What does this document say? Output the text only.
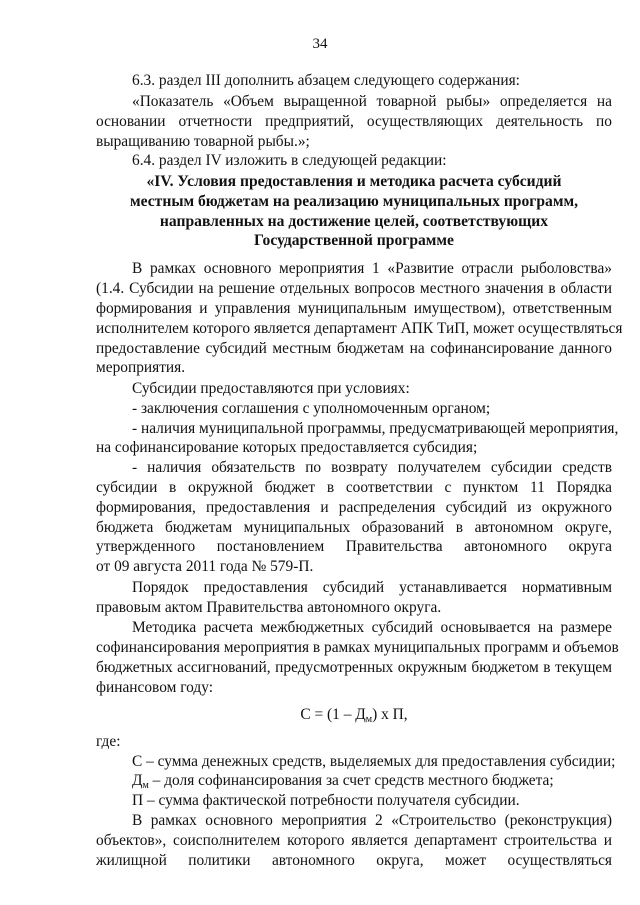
34
6.3. раздел III дополнить абзацем следующего содержания:
«Показатель «Объем выращенной товарной рыбы» определяется на
основании отчетности предприятий, осуществляющих деятельность по
выращиванию товарной рыбы.»;
6.4. раздел IV изложить в следующей редакции:
«IV. Условия предоставления и методика расчета субсидий
местным бюджетам на реализацию муниципальных программ,
направленных на достижение целей, соответствующих
Государственной программе
В рамках основного мероприятия 1 «Развитие отрасли рыболовства»
(1.4. Субсидии на решение отдельных вопросов местного значения в области
формирования и управления муниципальным имуществом), ответственным
исполнителем которого является департамент АПК ТиП, может осуществляться
предоставление субсидий местным бюджетам на софинансирование данного
мероприятия.
Субсидии предоставляются при условиях:
- заключения соглашения с уполномоченным органом;
- наличия муниципальной программы, предусматривающей мероприятия,
на софинансирование которых предоставляется субсидия;
- наличия обязательств по возврату получателем субсидии средств
субсидии в окружной бюджет в соответствии с пунктом 11 Порядка
формирования, предоставления и распределения субсидий из окружного
бюджета бюджетам муниципальных образований в автономном округе,
утвержденного постановлением Правительства автономного округа
от 09 августа 2011 года № 579-П.
Порядок предоставления субсидий устанавливается нормативным
правовым актом Правительства автономного округа.
Методика расчета межбюджетных субсидий основывается на размере
софинансирования мероприятия в рамках муниципальных программ и объемов
бюджетных ассигнований, предусмотренных окружным бюджетом в текущем
финансовом году:
$С = (1 - Д_м)$ х П,
где:
С – сумма денежных средств, выделяемых для предоставления субсидии;
$Д_м$ – доля софинансирования за счет средств местного бюджета;
П – сумма фактической потребности получателя субсидии.
В рамках основного мероприятия 2 «Строительство (реконструкция)
объектов», соисполнителем которого является департамент строительства и
жилищной политики автономного округа, может осуществляться
